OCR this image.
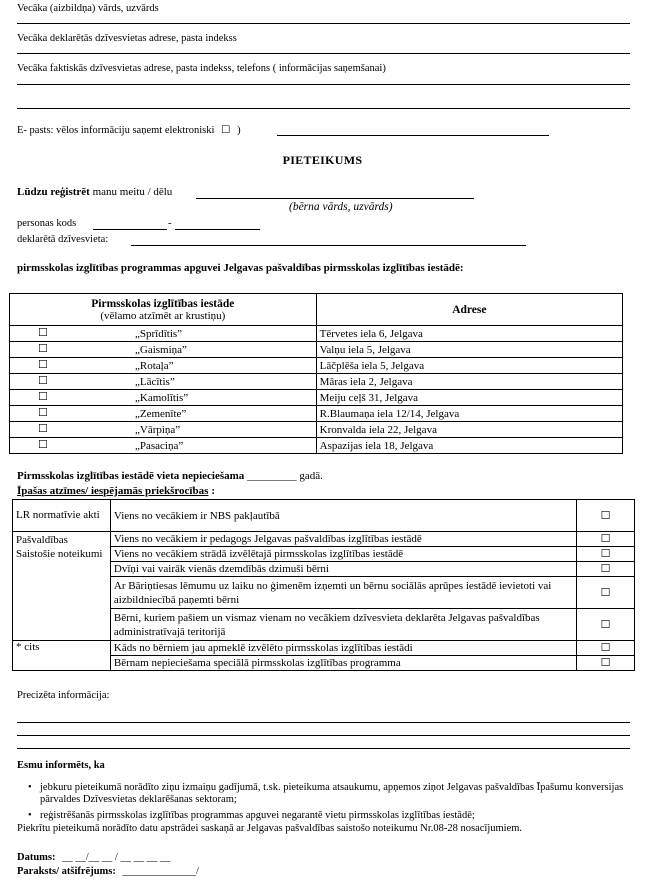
Vecāka (aizbildņa) vārds, uzvārds
Vecāka deklarētās dzīvesvietas adrese, pasta indekss
Vecāka faktiskās dzīvesvietas adrese, pasta indekss, telefons ( informācijas saņemšanai)
E- pasts: vēlos informāciju saņemt elektroniski ☐ )
PIETEIKUMS
Lūdzu reģistrēt manu meitu / dēlu
(bērna vārds, uzvārds)
personas kods	-
deklarētā dzīvesvieta:
pirmsskolas izglītības programmas apguvei Jelgavas pašvaldības pirmsskolas izglītības iestādē:
Pirmsskolas izglītības iestāde
(vēlamo atzīmēt ar krustiņu)	Adrese

☐ „Sprīdītis”	Tērvetes iela 6, Jelgava

☐ „Gaismiņa”	Valņu iela 5, Jelgava

☐ „Rotaļa”	Lāčplēša iela 5, Jelgava

☐ „Lācītis”	Māras iela 2, Jelgava

☐ „Kamolītis”	Meiju ceļš 31, Jelgava

☐ „Zemenīte”	R.Blaumaņa iela 12/14, Jelgava

☐ „Vārpiņa”	Kronvalda iela 22, Jelgava

☐ „Pasaciņa”	Aspazijas iela 18, Jelgava
Pirmsskolas izglītības iestādē vieta nepieciešama _________ gadā.
Īpašas atzīmes/ iespējamās priekšrocības :
LR normatīvie akti	Viens no vecākiem ir NBS pakļautībā	☐
Pašvaldības Saistošie noteikumi	Viens no vecākiem ir pedagogs Jelgavas pašvaldības izglītības iestādē	☐
	Viens no vecākiem strādā izvēlētajā pirmsskolas izglītības iestādē	☐
	Dvīņi vai vairāk vienās dzemdībās dzimuši bērni	☐
	Ar Bāriņtiesas lēmumu uz laiku no ģimenēm izņemti un bērnu sociālās aprūpes iestādē ievietoti vai aizbildniecībā paņemti bērni	☐
	Bērni, kuriem pašiem un vismaz vienam no vecākiem dzīvesvieta deklarēta Jelgavas pašvaldības administratīvajā teritorijā	☐
* cits	Kāds no bērniem jau apmeklē izvēlēto pirmsskolas izglītības iestādi	☐
	Bērnam nepieciešama speciālā pirmsskolas izglītības programma	☐
Precizēta informācija:
Esmu informēts, ka
• jebkuru pieteikumā norādīto ziņu izmaiņu gadījumā, t.sk. pieteikuma atsaukumu, apņemos ziņot Jelgavas pašvaldības Īpašumu konversijas pārvaldes Dzīvesvietas deklarēšanas sektoram;
• reģistrēšanās pirmsskolas izglītības programmas apguvei negarantē vietu pirmsskolas izglītības iestādē;
Piekrītu pieteikumā norādīto datu apstrādei saskaņā ar Jelgavas pašvaldības saistošo noteikumu Nr.08-28 nosacījumiem.
Datums: __ __/__ __ / __ __ __ __
Paraksts/ atšifrējums: ______________/
